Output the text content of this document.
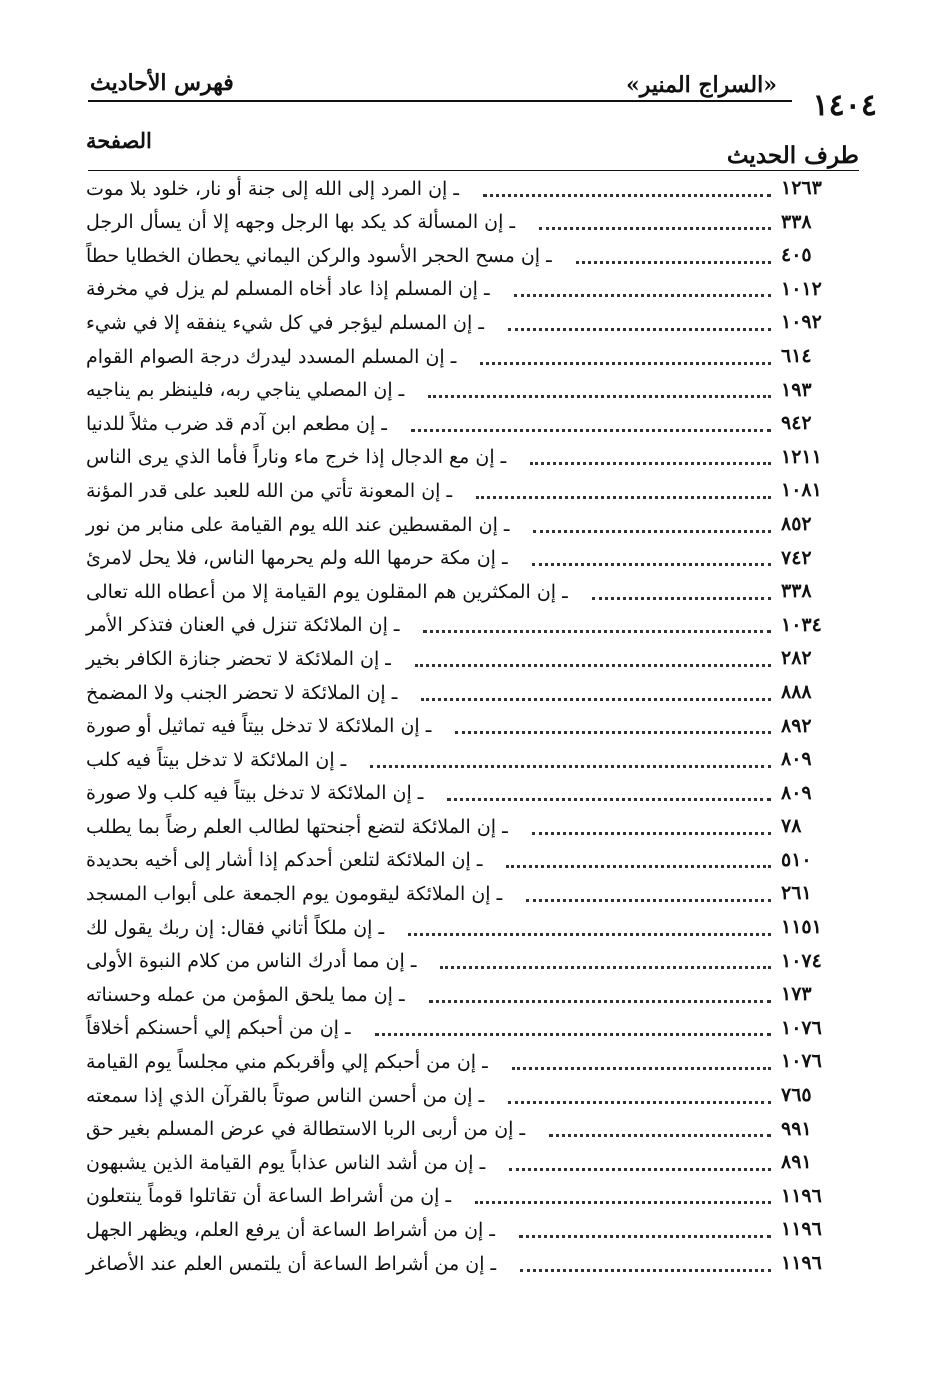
١٤٠٤
«السراج المنير»
فهرس الأحاديث
الصفحة
طرف الحديث
ـ إن المرد إلى الله إلى جنة أو نار، خلود بلا موت	١٢٦٣
ـ إن المسألة كد يكد بها الرجل وجهه إلا أن يسأل الرجل	٣٣٨
ـ إن مسح الحجر الأسود والركن اليماني يحطان الخطايا حطاً	٤٠٥
ـ إن المسلم إذا عاد أخاه المسلم لم يزل في مخرفة	١٠١٢
ـ إن المسلم ليؤجر في كل شيء ينفقه إلا في شيء	١٠٩٢
ـ إن المسلم المسدد ليدرك درجة الصوام القوام	٦١٤
ـ إن المصلي يناجي ربه، فلينظر بم يناجيه	١٩٣
ـ إن مطعم ابن آدم قد ضرب مثلاً للدنيا	٩٤٢
ـ إن مع الدجال إذا خرج ماء وناراً فأما الذي يرى الناس	١٢١١
ـ إن المعونة تأتي من الله للعبد على قدر المؤنة	١٠٨١
ـ إن المقسطين عند الله يوم القيامة على منابر من نور	٨٥٢
ـ إن مكة حرمها الله ولم يحرمها الناس، فلا يحل لامرئ	٧٤٢
ـ إن المكثرين هم المقلون يوم القيامة إلا من أعطاه الله تعالى	٣٣٨
ـ إن الملائكة تنزل في العنان فتذكر الأمر	١٠٣٤
ـ إن الملائكة لا تحضر جنازة الكافر بخير	٢٨٢
ـ إن الملائكة لا تحضر الجنب ولا المضمخ	٨٨٨
ـ إن الملائكة لا تدخل بيتاً فيه تماثيل أو صورة	٨٩٢
ـ إن الملائكة لا تدخل بيتاً فيه كلب	٨٠٩
ـ إن الملائكة لا تدخل بيتاً فيه كلب ولا صورة	٨٠٩
ـ إن الملائكة لتضع أجنحتها لطالب العلم رضاً بما يطلب	٧٨
ـ إن الملائكة لتلعن أحدكم إذا أشار إلى أخيه بحديدة	٥١٠
ـ إن الملائكة ليقومون يوم الجمعة على أبواب المسجد	٢٦١
ـ إن ملكاً أتاني فقال: إن ربك يقول لك	١١٥١
ـ إن مما أدرك الناس من كلام النبوة الأولى	١٠٧٤
ـ إن مما يلحق المؤمن من عمله وحسناته	١٧٣
ـ إن من أحبكم إلي أحسنكم أخلاقاً	١٠٧٦
ـ إن من أحبكم إلي وأقربكم مني مجلساً يوم القيامة	١٠٧٦
ـ إن من أحسن الناس صوتاً بالقرآن الذي إذا سمعته	٧٦٥
ـ إن من أربى الربا الاستطالة في عرض المسلم بغير حق	٩٩١
ـ إن من أشد الناس عذاباً يوم القيامة الذين يشبهون	٨٩١
ـ إن من أشراط الساعة أن تقاتلوا قوماً ينتعلون	١١٩٦
ـ إن من أشراط الساعة أن يرفع العلم، ويظهر الجهل	١١٩٦
ـ إن من أشراط الساعة أن يلتمس العلم عند الأصاغر	١١٩٦
